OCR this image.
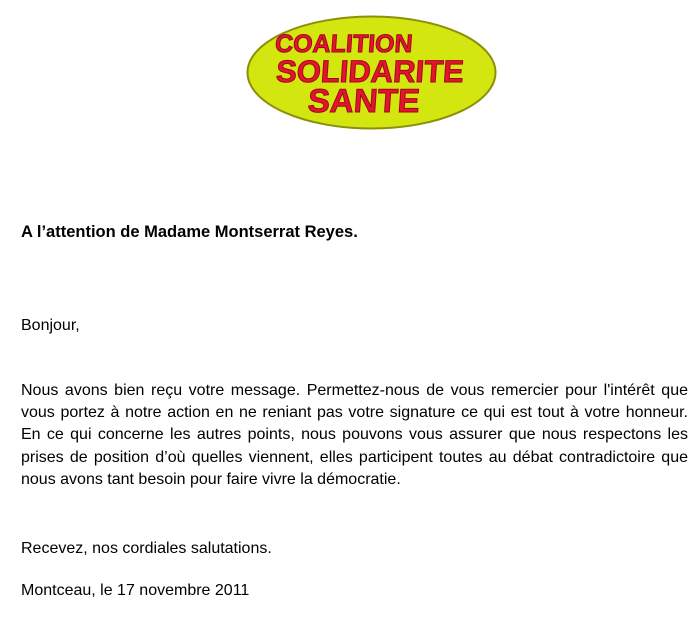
COALITION
SOLIDARITE
SANTE

A l’attention de Madame Montserrat Reyes.

Bonjour,

Nous avons bien reçu votre message. Permettez-nous de vous remercier pour l'intérêt que vous portez à notre action en ne reniant pas votre signature ce qui est tout à votre honneur. En ce qui concerne les autres points, nous pouvons vous assurer que nous respectons les prises de position d’où quelles viennent, elles participent toutes au débat contradictoire que nous avons tant besoin pour faire vivre la démocratie.

Recevez, nos cordiales salutations.

Montceau, le 17 novembre 2011
